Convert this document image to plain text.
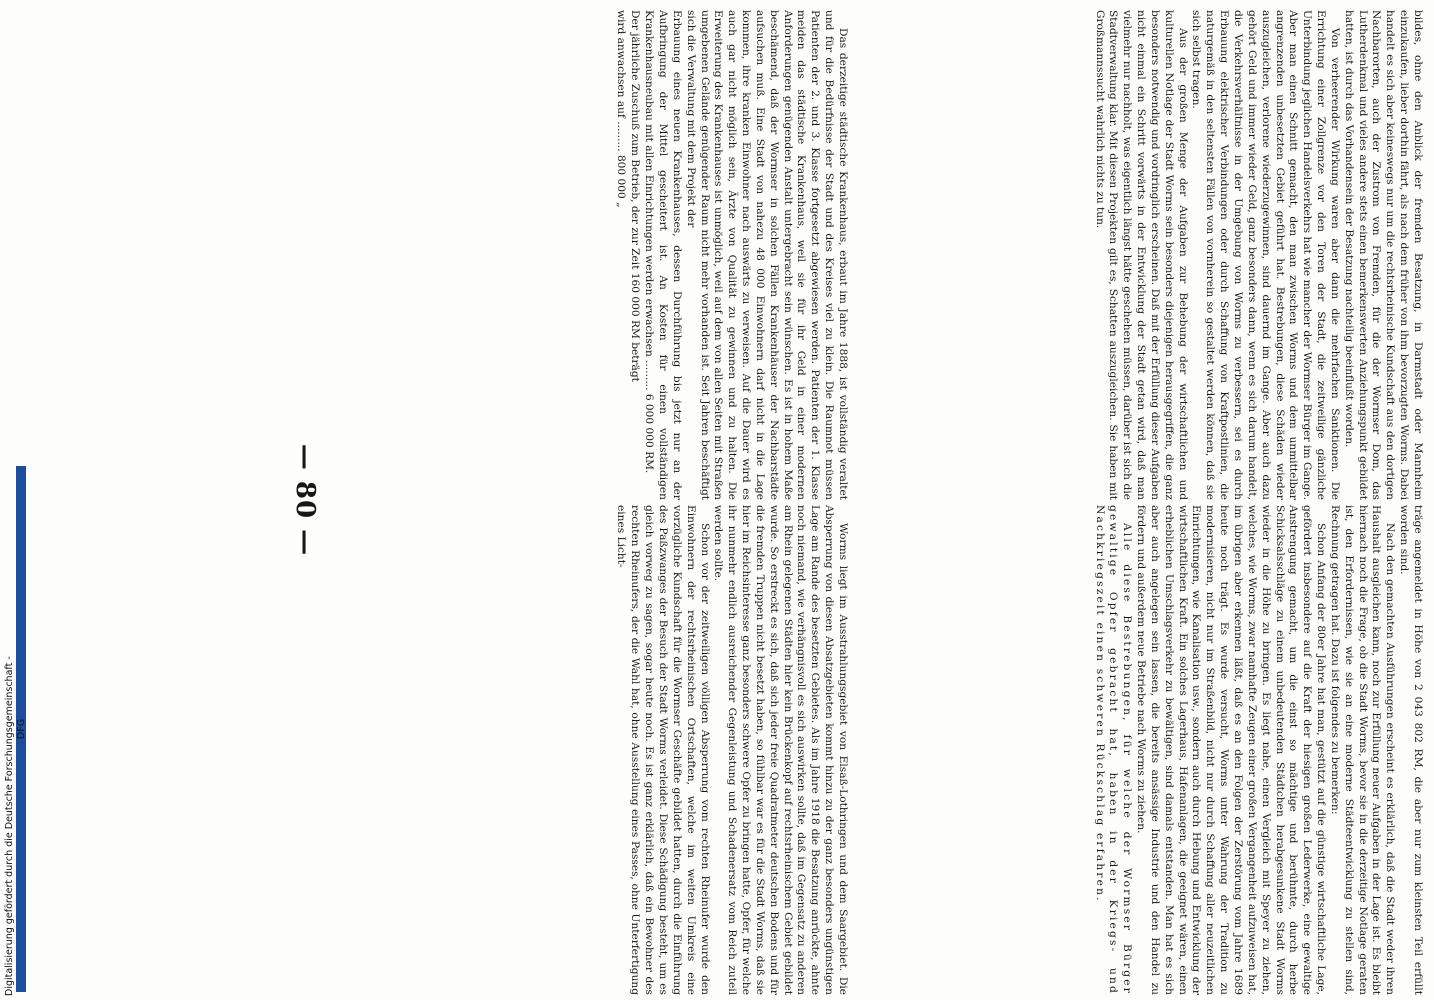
— 80 —

träge angemeldet in Höhe von 2 043 802 RM, die aber nur zum kleinsten Teil erfüllt worden sind.

Nach den gemachten Ausführungen erscheint es erklärlich, daß die Stadt weder ihren Haushalt ausgleichen kann, noch zur Erfüllung neuer Aufgaben in der Lage ist. Es bleibt hiernach noch die Frage, ob die Stadt Worms, bevor sie in die derzeitige Notlage geraten ist, den Erfordernissen, wie sie an eine moderne Städteentwicklung zu stellen sind, Rechnung getragen hat. Dazu ist folgendes zu bemerken:

Schon Anfang der 80er Jahre hat man, gestützt auf die günstige wirtschaftliche Lage, gefördert insbesondere auf die Kraft der hiesigen großen Lederwerke, eine gewaltige Anstrengung gemacht, um die einst so mächtige und berühmte, durch herbe Schicksalsschläge zu einem unbedeutenden Städtchen herabgesunkene Stadt Worms wieder in die Höhe zu bringen. Es liegt nahe, einen Vergleich mit Speyer zu ziehen, welches, wie Worms, zwar namhafte Zeugen einer großen Vergangenheit aufzuweisen hat, im übrigen aber erkennen läßt, daß es an den Folgen der Zerstörung vom Jahre 1689 heute noch trägt. Es wurde versucht, Worms unter Wahrung der Tradition zu modernisieren, nicht nur im Straßenbild, nicht nur durch Schaffung aller neuzeitlichen Einrichtungen, wie Kanalisation usw., sondern auch durch Hebung und Entwicklung der wirtschaftlichen Kraft. Ein solches Lagerhaus, Hafenanlagen, die geeignet wären, einen erheblichen Umschlagsverkehr zu bewältigen, sind damals entstanden. Man hat es sich aber auch angelegen sein lassen, die bereits ansässige Industrie und den Handel zu fördern und außerdem neue Betriebe nach Worms zu ziehen.

Alle diese Bestrebungen, für welche der Wormser Bürger gewaltige Opfer gebracht hat, haben in der Kriegs- und Nachkriegszeit einen schweren Rückschlag erfahren.

Worms liegt im Ausstrahlungsgebiet von Elsaß-Lothringen und dem Saargebiet. Die Absperrung von diesen Absatzgebieten kommt hinzu zu der ganz besonders ungünstigen Lage am Rande des besetzten Gebietes. Als im Jahre 1918 die Besatzung anrückte, ahnte noch niemand, wie verhängnisvoll es sich auswirken sollte, daß im Gegensatz zu anderen am Rhein gelegenen Städten hier kein Brückenkopf auf rechtsrheinischem Gebiet gebildet wurde. So erstreckt es sich, daß sich jeder freie Quadratmeter deutschen Bodens und für die fremden Truppen nicht besetzt haben, so fühlbar war es für die Stadt Worms, daß sie hier im Reichsinteresse ganz besonders schwere Opfer zu bringen hatte, Opfer, für welche ihr nunmehr endlich ausreichender Gegenleistung und Schadenersatz vom Reich zuteil werden sollte.

Schon vor der zeitweiligen völligen Absperrung vom rechten Rheinufer wurde den Einwohnern der rechtsrheinischen Ortschaften, welche im weiten Umkreis eine vorzügliche Kundschaft für die Wormser Geschäfte gebildet hatten, durch die Einführung des Paßzwanges der Besuch der Stadt Worms verleidet. Diese Schädigung besteht, um es gleich vorweg zu sagen, sogar heute noch. Es ist ganz erklärlich, daß ein Bewohner des rechten Rheinufers, der die Wahl hat, ohne Ausstellung eines Passes, ohne Unterfertigung eines Licht-

bildes, ohne den Anblick der fremden Besatzung, in Darmstadt oder Mannheim einzukaufen, lieber dorthin fährt, als nach dem früher von ihm bevorzugten Worms. Dabei handelt es sich aber keineswegs nur um die rechtsrheinische Kundschaft aus den dortigen Nachbarorten, auch der Zustrom von Fremden, für die der Wormser Dom, das Lutherdenkmal und vieles andere stets einen bemerkenswerten Anziehungspunkt gebildet hatten, ist durch das Vorhandensein der Besatzung nachteilig beeinflußt worden.

Von verheerender Wirkung waren aber dann die mehrfachen Sanktionen. Die Errichtung einer Zollgrenze vor den Toren der Stadt, die zeitweilige gänzliche Unterbindung jeglichen Handelsverkehrs hat wie mancher der Wormser Bürger im Gange. Aber man einen Schnitt gemacht, den man zwischen Worms und dem unmittelbar angrenzenden unbesetzten Gebiet geführt hat. Bestrebungen, diese Schäden wieder auszugleichen, verlorene wiederzugewinnen, sind dauernd im Gange. Aber auch dazu gehört Geld und immer wieder Geld, ganz besonders dann, wenn es sich darum handelt, die Verkehrsverhältnisse in der Umgebung von Worms zu verbessern, sei es durch Erbauung elektrischer Verbindungen oder durch Schaffung von Kraftpostlinien, die naturgemäß in den seltensten Fällen von vornherein so gestaltet werden können, daß sie sich selbst tragen.

Aus der großen Menge der Aufgaben zur Behebung der wirtschaftlichen und kulturellen Notlage der Stadt Worms sein besonders diejenigen herausgegriffen, die ganz besonders notwendig und vordringlich erscheinen. Daß mit der Erfüllung dieser Aufgaben nicht einmal ein Schritt vorwärts in der Entwicklung der Stadt getan wird, daß man vielmehr nur nachholt, was eigentlich längst hätte geschehen müssen, darüber ist sich die Stadtverwaltung klar. Mit diesen Projekten gilt es, Schatten auszugleichen. Sie haben mit Großmannssucht wahrlich nichts zu tun.

Das derzeitige städtische Krankenhaus, erbaut im Jahre 1888, ist vollständig veraltet und für die Bedürfnisse der Stadt und des Kreises viel zu klein. Die Raumnot müssen Patienten der 2. und 3. Klasse fortgesetzt abgewiesen werden. Patienten der 1. Klasse meiden das städtische Krankenhaus, weil sie für ihr Geld in einer modernen Anforderungen genügenden Anstalt untergebracht sein wünschen. Es ist in hohem Maße beschämend, daß der Wormser in solchen Fällen Krankenhäuser der Nachbarstädte aufsuchen muß. Eine Stadt von nahezu 48 000 Einwohnern darf nicht in die Lage kommen, ihre kranken Einwohner nach auswärts zu verweisen. Auf die Dauer wird es auch gar nicht möglich sein, Ärzte von Qualität zu gewinnen und zu halten. Die Erweiterung des Krankenhauses ist unmöglich, weil auf dem von allen Seiten mit Straßen umgebenen Gelände genügender Raum nicht mehr vorhanden ist. Seit Jahren beschäftigt sich die Verwaltung mit dem Projekt der

Erbauung eines neuen Krankenhauses, dessen Durchführung bis jetzt nur an der Aufbringung der Mittel gescheitert ist. An Kosten für einen vollständigen Krankenhausneubau mit allen Einrichtungen werden erwachsen ......... 6 000 000 RM.

Der jährliche Zuschuß zum Betrieb, der zur Zeit 160 000 RM beträgt

wird anwachsen auf ......... 800 000 „

Digitalisierung gefördert durch die Deutsche Forschungsgemeinschaft - DFG
